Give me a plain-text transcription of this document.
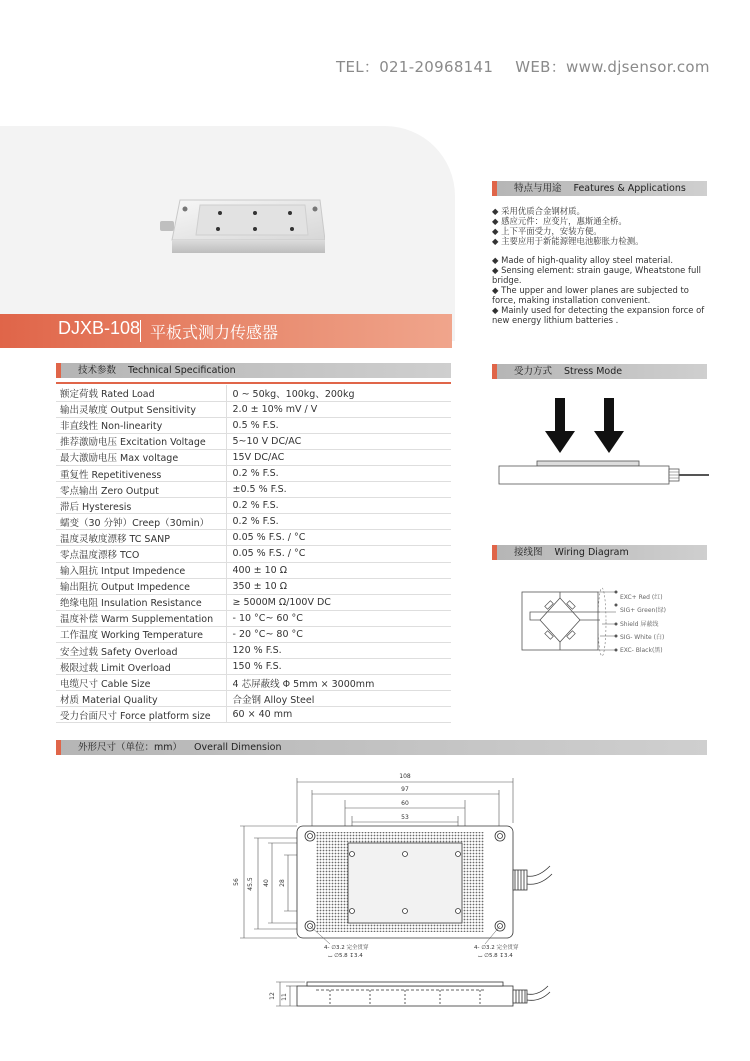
TEL：021-20968141 WEB：www.djsensor.com
DJXB-108 平板式测力传感器
特点与用途 Features & Applications
◆ 采用优质合金钢材质。
◆ 感应元件：应变片，惠斯通全桥。
◆ 上下平面受力，安装方便。
◆ 主要应用于新能源锂电池膨胀力检测。
◆ Made of high-quality alloy steel material.
◆ Sensing element: strain gauge, Wheatstone full bridge.
◆ The upper and lower planes are subjected to force, making installation convenient.
◆ Mainly used for detecting the expansion force of new energy lithium batteries .
技术参数 Technical Specification
额定荷载 Rated Load	0 ~ 50kg、100kg、200kg
输出灵敏度 Output Sensitivity	2.0 ± 10% mV / V
非直线性 Non-linearity	0.5 % F.S.
推荐激励电压 Excitation Voltage	5~10 V DC/AC
最大激励电压 Max voltage	15V DC/AC
重复性 Repetitiveness	0.2 % F.S.
零点输出 Zero Output	±0.5 % F.S.
滞后 Hysteresis	0.2 % F.S.
蠕变（30 分钟）Creep（30min）	0.2 % F.S.
温度灵敏度漂移 TC SANP	0.05 % F.S. / °C
零点温度漂移 TCO	0.05 % F.S. / °C
输入阻抗 Intput Impedence	400 ± 10 Ω
输出阻抗 Output Impedence	350 ± 10 Ω
绝缘电阻 Insulation Resistance	≥ 5000M Ω/100V DC
温度补偿 Warm Supplementation	- 10 °C~ 60 °C
工作温度 Working Temperature	- 20 °C~ 80 °C
安全过载 Safety Overload	120 % F.S.
极限过载 Limit Overload	150 % F.S.
电缆尺寸 Cable Size	4 芯屏蔽线 Φ 5mm × 3000mm
材质 Material Quality	合金钢 Alloy Steel
受力台面尺寸 Force platform size	60 × 40 mm
受力方式 Stress Mode
接线图 Wiring Diagram
EXC+ Red (红)
SIG+ Green(绿)
Shield 屏蔽线
SIG- White (白)
EXC- Black(黑)
外形尺寸（单位：mm） Overall Dimension
108
97
60
53
56 45.5 40 28
4- ∅3.2 完全贯穿
⌴ ∅5.8 ↧3.4
4- ∅3.2 完全贯穿
⌴ ∅5.8 ↧3.4
12 11
